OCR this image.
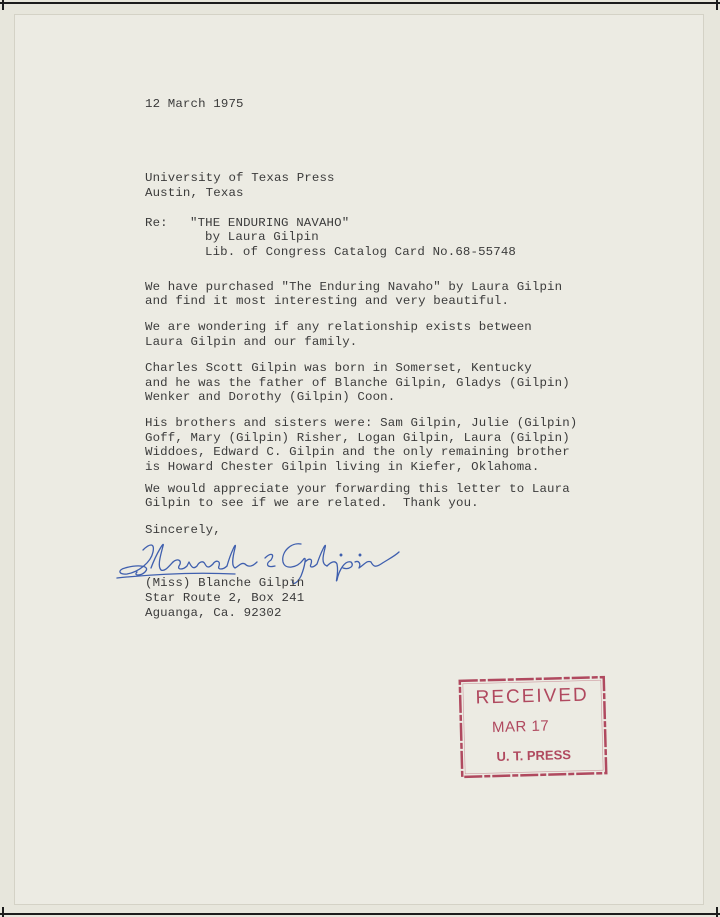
12 March 1975

University of Texas Press

Austin, Texas

Re: "THE ENDURING NAVAHO"

by Laura Gilpin

Lib. of Congress Catalog Card No.68-55748

We have purchased "The Enduring Navaho" by Laura Gilpin

and find it most interesting and very beautiful.

We are wondering if any relationship exists between

Laura Gilpin and our family.

Charles Scott Gilpin was born in Somerset, Kentucky

and he was the father of Blanche Gilpin, Gladys (Gilpin)

Wenker and Dorothy (Gilpin) Coon.

His brothers and sisters were: Sam Gilpin, Julie (Gilpin)

Goff, Mary (Gilpin) Risher, Logan Gilpin, Laura (Gilpin)

Widdoes, Edward C. Gilpin and the only remaining brother

is Howard Chester Gilpin living in Kiefer, Oklahoma.

We would appreciate your forwarding this letter to Laura

Gilpin to see if we are related.  Thank you.

Sincerely,

(Miss) Blanche Gilpin

Star Route 2, Box 241

Aguanga, Ca. 92302

RECEIVED
MAR 17
U. T. PRESS
